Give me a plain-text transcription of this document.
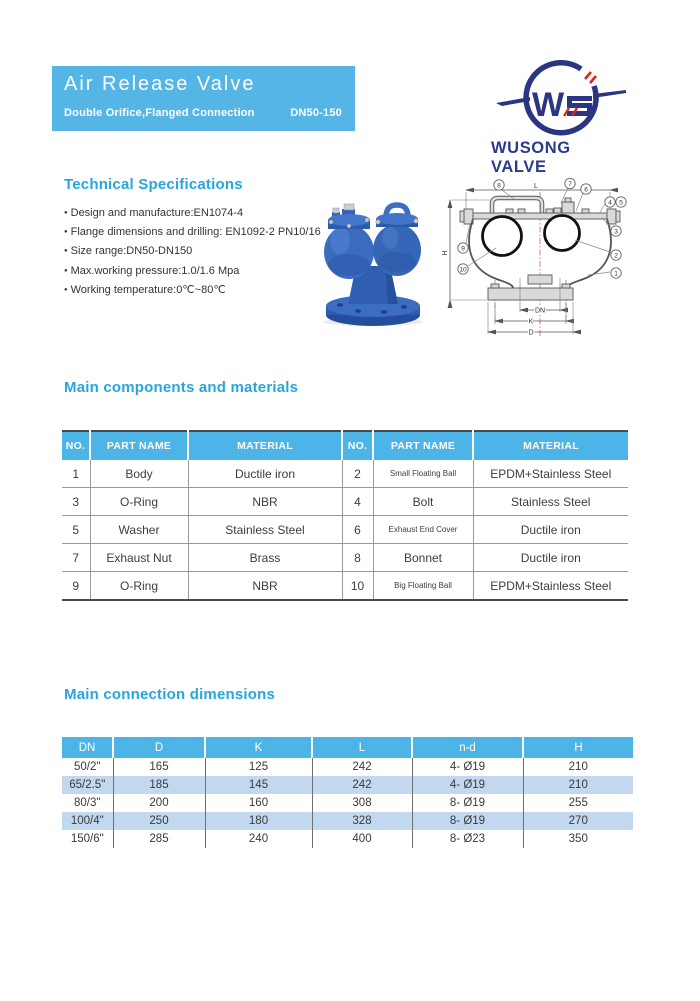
Air Release Valve
Double Orifice,Flanged Connection	DN50-150	W
WUSONG VALVE
Technical Specifications
● Design and manufacture:EN1074-4
● Flange dimensions and drilling: EN1092-2 PN10/16
● Size range:DN50-DN150
● Max.working pressure:1.0/1.6 Mpa
● Working temperature:0℃~80℃
L
H
DN
K
D
8	7
6
4 5
3
2
1
9
10
Main components and materials
NO.	PART NAME	MATERIAL	NO.	PART NAME	MATERIAL
1	Body	Ductile iron	2	Small Floating Ball	EPDM+Stainless Steel
3	O-Ring	NBR	4	Bolt	Stainless Steel
5	Washer	Stainless Steel	6	Exhaust End Cover	Ductile iron
7	Exhaust Nut	Brass	8	Bonnet	Ductile iron
9	O-Ring	NBR	10	Big Floating Ball	EPDM+Stainless Steel
Main connection dimensions
DN	D	K	L	n-d	H
50/2"	165	125	242	4- Ø19	210
65/2.5"	185	145	242	4- Ø19	210
80/3"	200	160	308	8- Ø19	255
100/4"	250	180	328	8- Ø19	270
150/6"	285	240	400	8- Ø23	350
